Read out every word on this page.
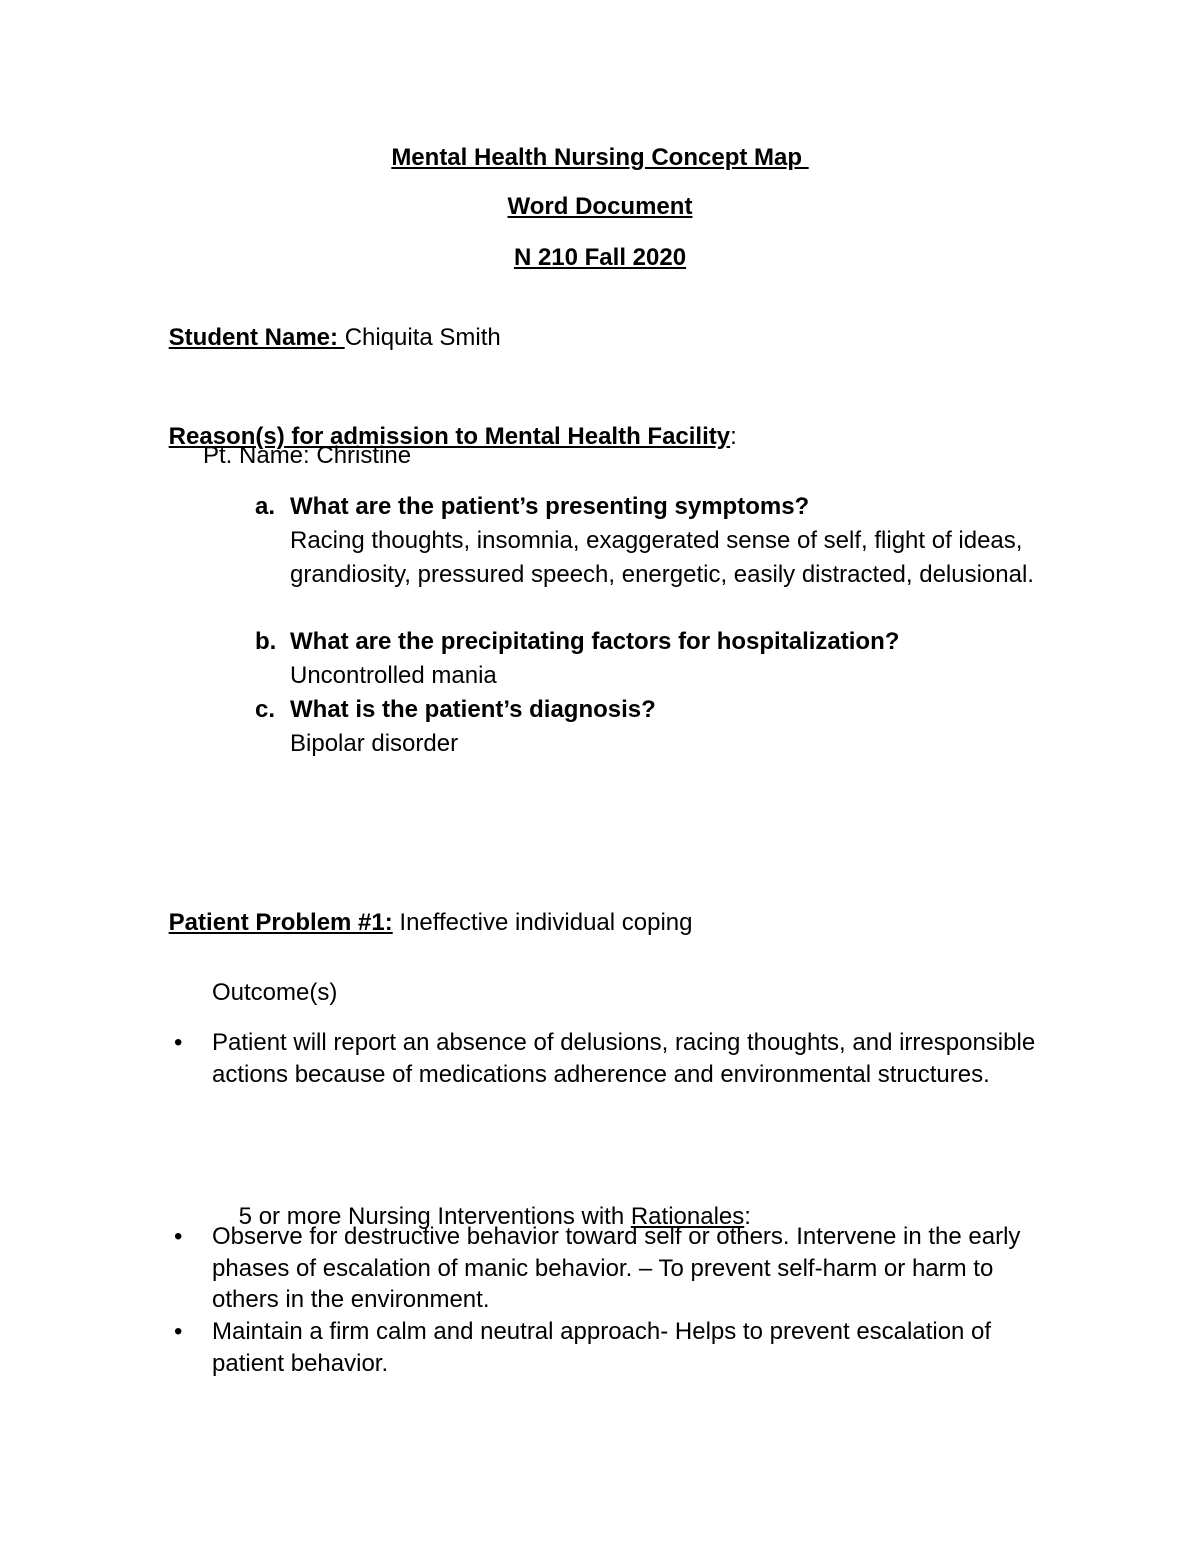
Mental Health Nursing Concept Map
Word Document
N 210 Fall 2020

Student Name: Chiquita Smith

Reason(s) for admission to Mental Health Facility:

Pt. Name: Christine
a. What are the patient’s presenting symptoms?
Racing thoughts, insomnia, exaggerated sense of self, flight of ideas, grandiosity, pressured speech, energetic, easily distracted, delusional.
b. What are the precipitating factors for hospitalization?
Uncontrolled mania
c. What is the patient’s diagnosis?
Bipolar disorder

Patient Problem #1: Ineffective individual coping

Outcome(s)
• Patient will report an absence of delusions, racing thoughts, and irresponsible actions because of medications adherence and environmental structures.

5 or more Nursing Interventions with Rationales:

• Observe for destructive behavior toward self or others. Intervene in the early phases of escalation of manic behavior. – To prevent self-harm or harm to others in the environment.
• Maintain a firm calm and neutral approach- Helps to prevent escalation of patient behavior.
